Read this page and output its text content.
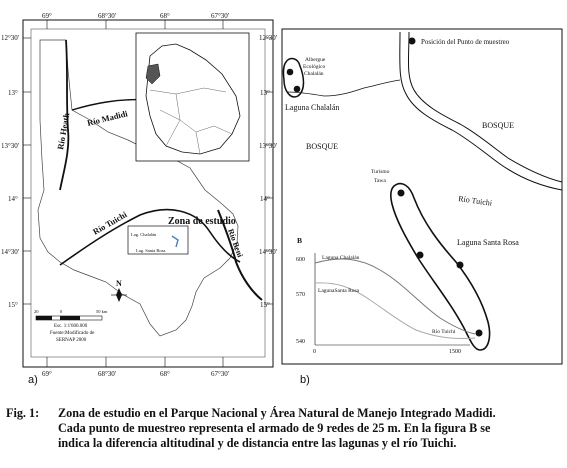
69°	68°30'	68°	67°30'
69°	68°30'	68°	67°30'
12°30'
13°
13°30'
14°
14°30'
15°
12°30'
13°
13°30'
14°
14°30'
15°
Río Heath Río Madidi
Río Tuichi
Río Beni
Zona de estudio
Lag. Chalalán
Lag. Santa Rosa
N
20	0	50 km
Esc. 1:1'600.000
Fuente:Modificado de
SERNAP 2000
Posición del Punto de muestreo
Río Tuichi
Albergue
Ecológico
Chalalán
Laguna Chalalán
BOSQUE
BOSQUE
Turismo
Tawa
Laguna Santa Rosa
B
600
570
540
0	1500
Laguna Chalalán
LagunaSanta Rosa
Río Tuichi
a)	b)
Fig. 1: Zona de estudio en el Parque Nacional y Área Natural de Manejo Integrado Madidi.
Cada punto de muestreo representa el armado de 9 redes de 25 m. En la figura B se
indica la diferencia altitudinal y de distancia entre las lagunas y el río Tuichi.
